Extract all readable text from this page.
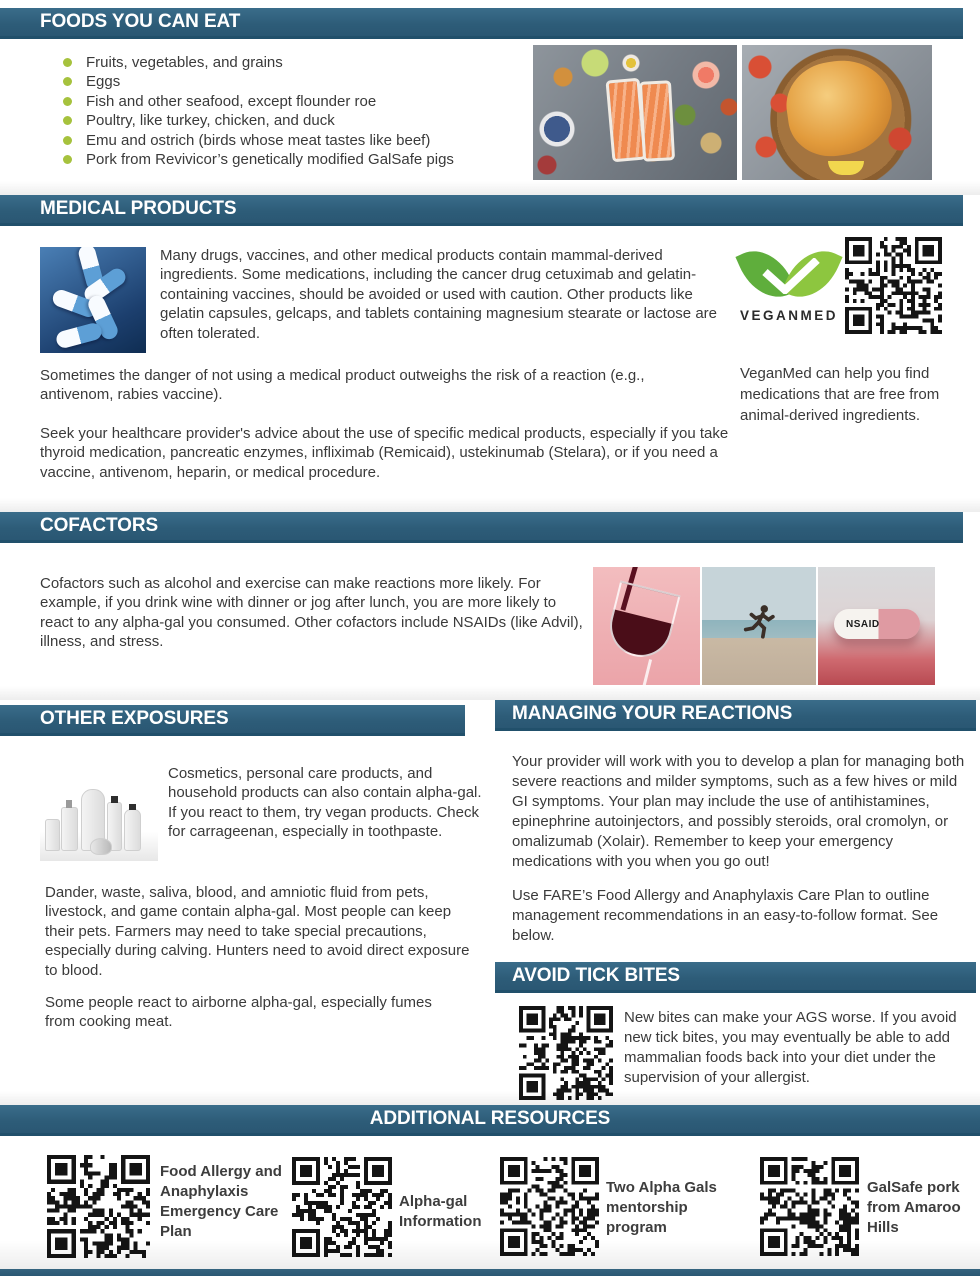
FOODS YOU CAN EAT
Fruits, vegetables, and grains
Eggs
Fish and other seafood, except flounder roe
Poultry, like turkey, chicken, and duck
Emu and ostrich (birds whose meat tastes like beef)
Pork from Revivicor’s genetically modified GalSafe pigs
MEDICAL PRODUCTS
Many drugs, vaccines, and other medical products contain mammal-derived ingredients. Some medications, including the cancer drug cetuximab and gelatin-containing vaccines, should be avoided or used with caution. Other products like gelatin capsules, gelcaps, and tablets containing magnesium stearate or lactose are often tolerated.
VEGANMED
VeganMed can help you find medications that are free from animal-derived ingredients.
Sometimes the danger of not using a medical product outweighs the risk of a reaction (e.g., antivenom, rabies vaccine).
Seek your healthcare provider's advice about the use of specific medical products, especially if you take thyroid medication, pancreatic enzymes, infliximab (Remicaid), ustekinumab (Stelara), or if you need a vaccine, antivenom, heparin, or medical procedure.
COFACTORS
Cofactors such as alcohol and exercise can make reactions more likely. For example, if you drink wine with dinner or jog after lunch, you are more likely to react to any alpha-gal you consumed. Other cofactors include NSAIDs (like Advil), illness, and stress.
NSAID
OTHER EXPOSURES
Cosmetics, personal care products, and household products can also contain alpha-gal. If you react to them, try vegan products. Check for carrageenan, especially in toothpaste.
Dander, waste, saliva, blood, and amniotic fluid from pets, livestock, and game contain alpha-gal. Most people can keep their pets. Farmers may need to take special precautions, especially during calving. Hunters need to avoid direct exposure to blood.
Some people react to airborne alpha-gal, especially fumes from cooking meat.
MANAGING YOUR REACTIONS
Your provider will work with you to develop a plan for managing both severe reactions and milder symptoms, such as a few hives or mild GI symptoms. Your plan may include the use of antihistamines, epinephrine autoinjectors, and possibly steroids, oral cromolyn, or omalizumab (Xolair). Remember to keep your emergency medications with you when you go out!
Use FARE’s Food Allergy and Anaphylaxis Care Plan to outline management recommendations in an easy-to-follow format. See below.
AVOID TICK BITES
New bites can make your AGS worse. If you avoid new tick bites, you may eventually be able to add mammalian foods back into your diet under the supervision of your allergist.
ADDITIONAL RESOURCES
Food Allergy and Anaphylaxis Emergency Care Plan
Alpha-gal Information
Two Alpha Gals mentorship program
GalSafe pork from Amaroo Hills
